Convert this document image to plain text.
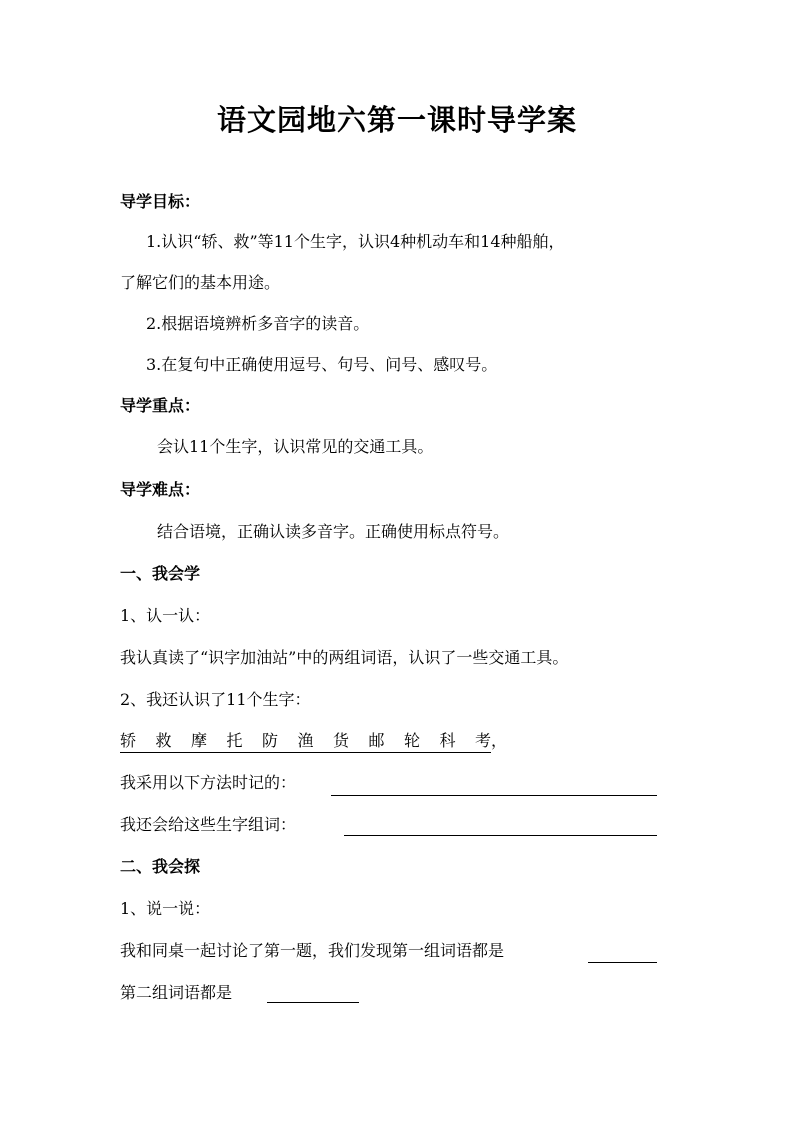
语文园地六第一课时导学案
导学目标：
1.认识“轿、救”等11个生字，认识4种机动车和14种船舶，
了解它们的基本用途。
2.根据语境辨析多音字的读音。
3.在复句中正确使用逗号、句号、问号、感叹号。
导学重点：
会认11个生字，认识常见的交通工具。
导学难点：
结合语境，正确认读多音字。正确使用标点符号。
一、我会学
1、认一认：
我认真读了“识字加油站”中的两组词语，认识了一些交通工具。
2、我还认识了11个生字：
轿 救 摩 托 防 渔 货 邮 轮 科 考，
我采用以下方法时记的：
我还会给这些生字组词：
二、我会探
1、说一说：
我和同桌一起讨论了第一题，我们发现第一组词语都是
第二组词语都是
